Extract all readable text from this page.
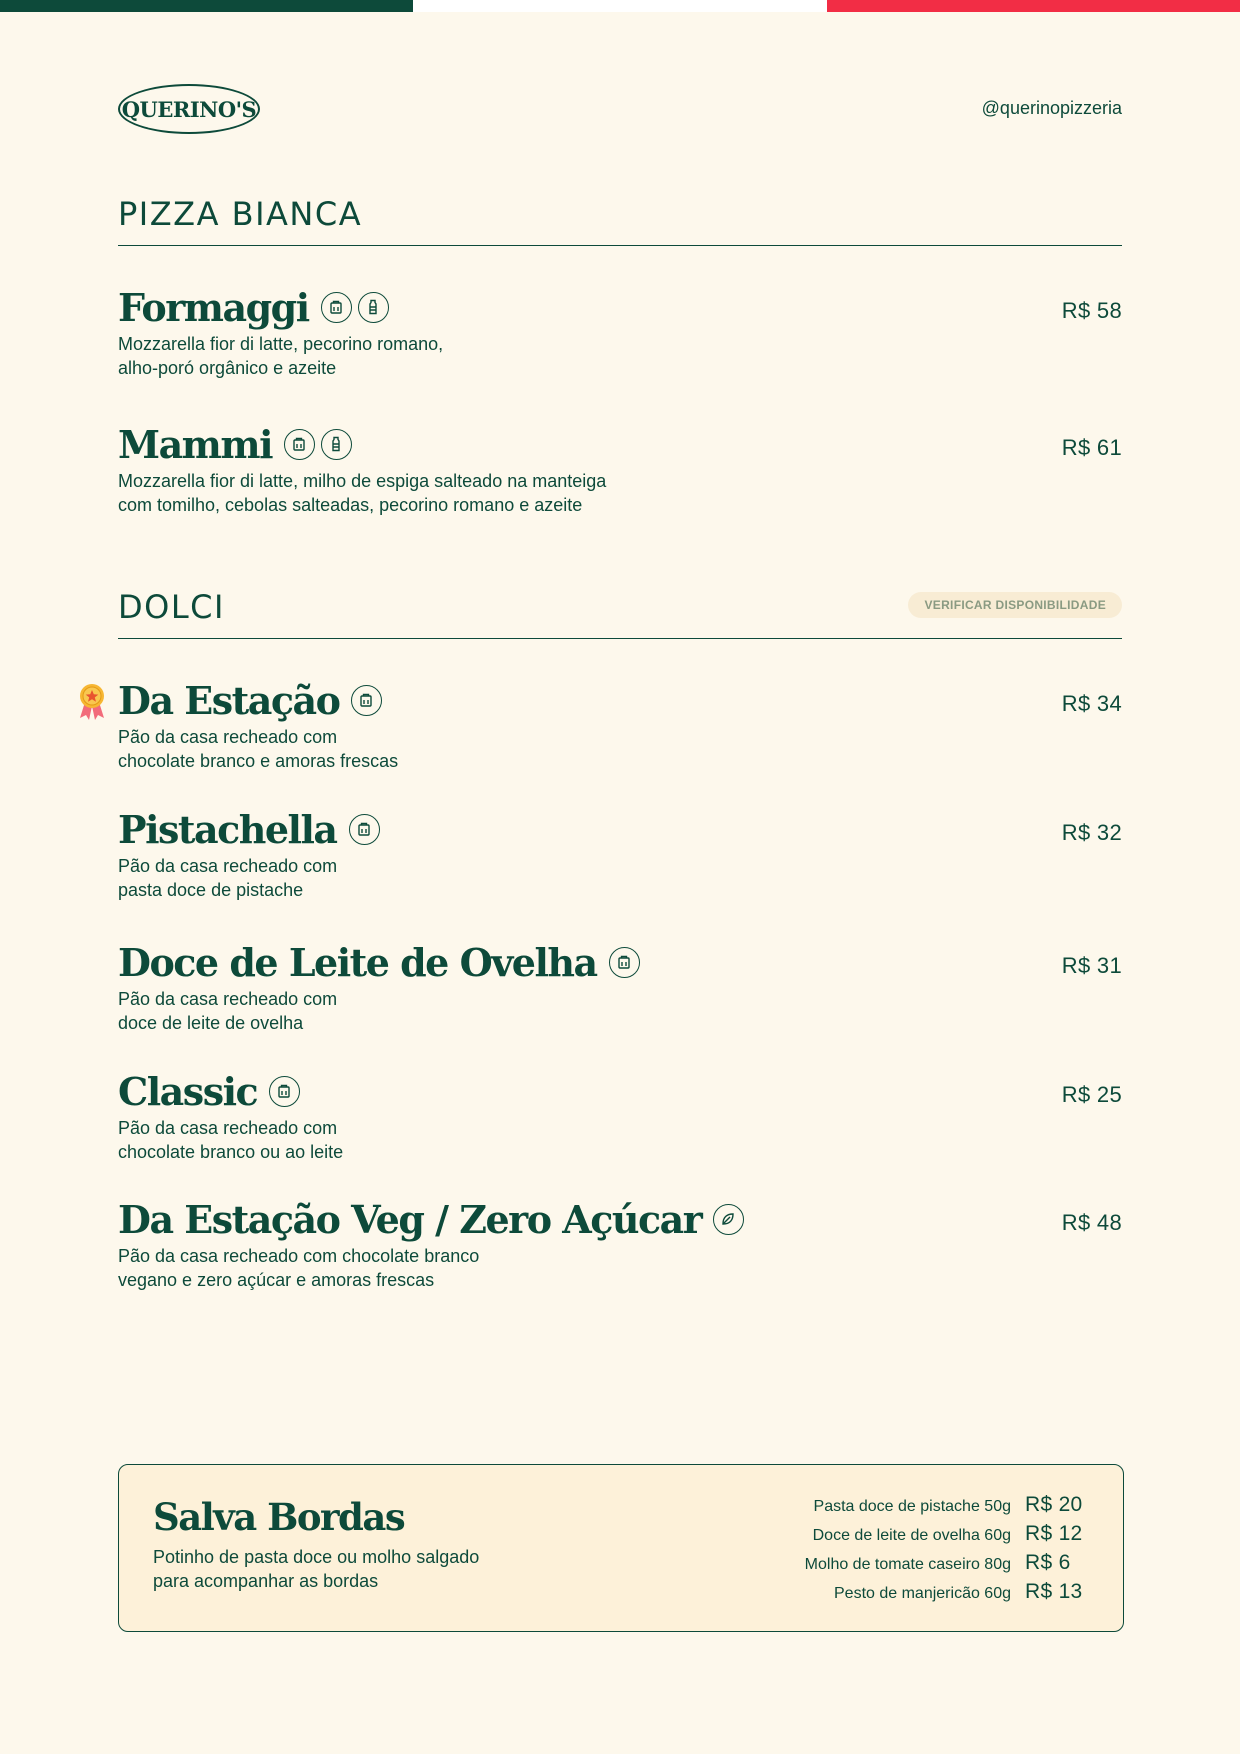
QUERINO'S	@querinopizzeria
PIZZA BIANCA
Formaggi
Mozzarella fior di latte, pecorino romano,
alho-poró orgânico e azeite
R$ 58
Mammi
Mozzarella fior di latte, milho de espiga salteado na manteiga
com tomilho, cebolas salteadas, pecorino romano e azeite
R$ 61
DOLCI	VERIFICAR DISPONIBILIDADE
Da Estação
Pão da casa recheado com
chocolate branco e amoras frescas
R$ 34
Pistachella
Pão da casa recheado com
pasta doce de pistache
R$ 32
Doce de Leite de Ovelha
Pão da casa recheado com
doce de leite de ovelha
R$ 31
Classic
Pão da casa recheado com
chocolate branco ou ao leite
R$ 25
Da Estação Veg / Zero Açúcar
Pão da casa recheado com chocolate branco
vegano e zero açúcar e amoras frescas
R$ 48
Salva Bordas
Potinho de pasta doce ou molho salgado
para acompanhar as bordas
Pasta doce de pistache 50g R$ 20
Doce de leite de ovelha 60g R$ 12
Molho de tomate caseiro 80g R$ 6
Pesto de manjericão 60g R$ 13
